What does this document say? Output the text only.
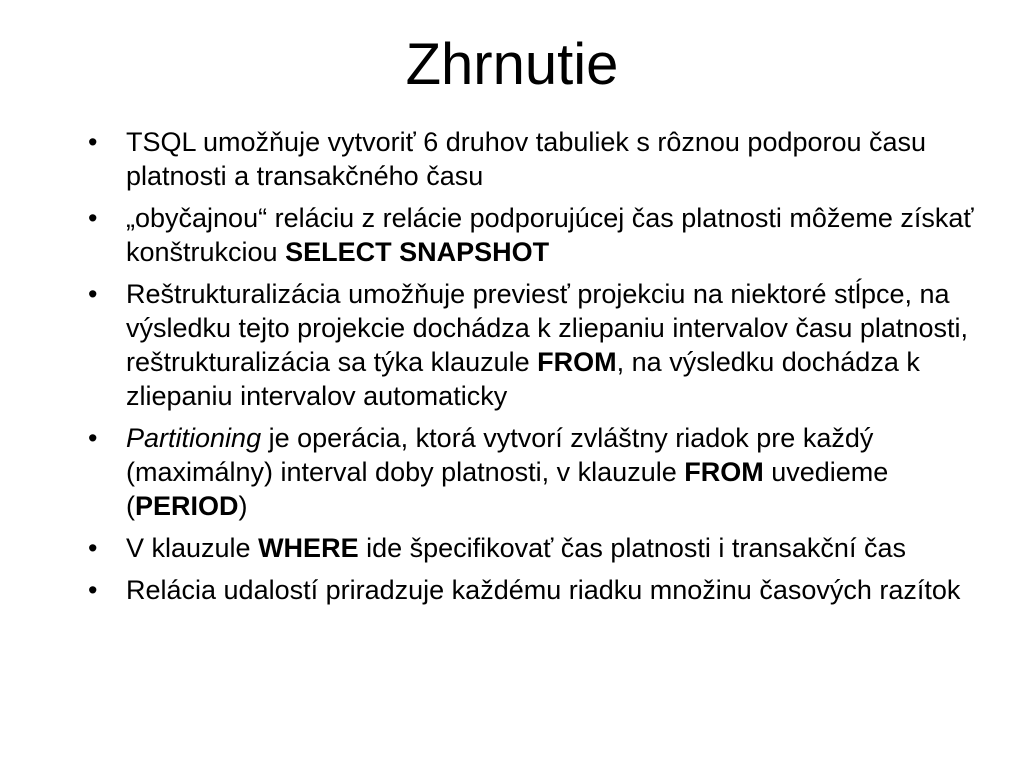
Zhrnutie
• TSQL umožňuje vytvoriť 6 druhov tabuliek s rôznou podporou času platnosti a transakčného času
• „obyčajnou“ reláciu z relácie podporujúcej čas platnosti môžeme získať konštrukciou SELECT SNAPSHOT
• Reštrukturalizácia umožňuje previesť projekciu na niektoré stĺpce, na výsledku tejto projekcie dochádza k zliepaniu intervalov času platnosti, reštrukturalizácia sa týka klauzule FROM, na výsledku dochádza k zliepaniu intervalov automaticky
• Partitioning je operácia, ktorá vytvorí zvláštny riadok pre každý (maximálny) interval doby platnosti, v klauzule FROM uvedieme (PERIOD)
• V klauzule WHERE ide špecifikovať čas platnosti i transakční čas
• Relácia udalostí priradzuje každému riadku množinu časových razítok
